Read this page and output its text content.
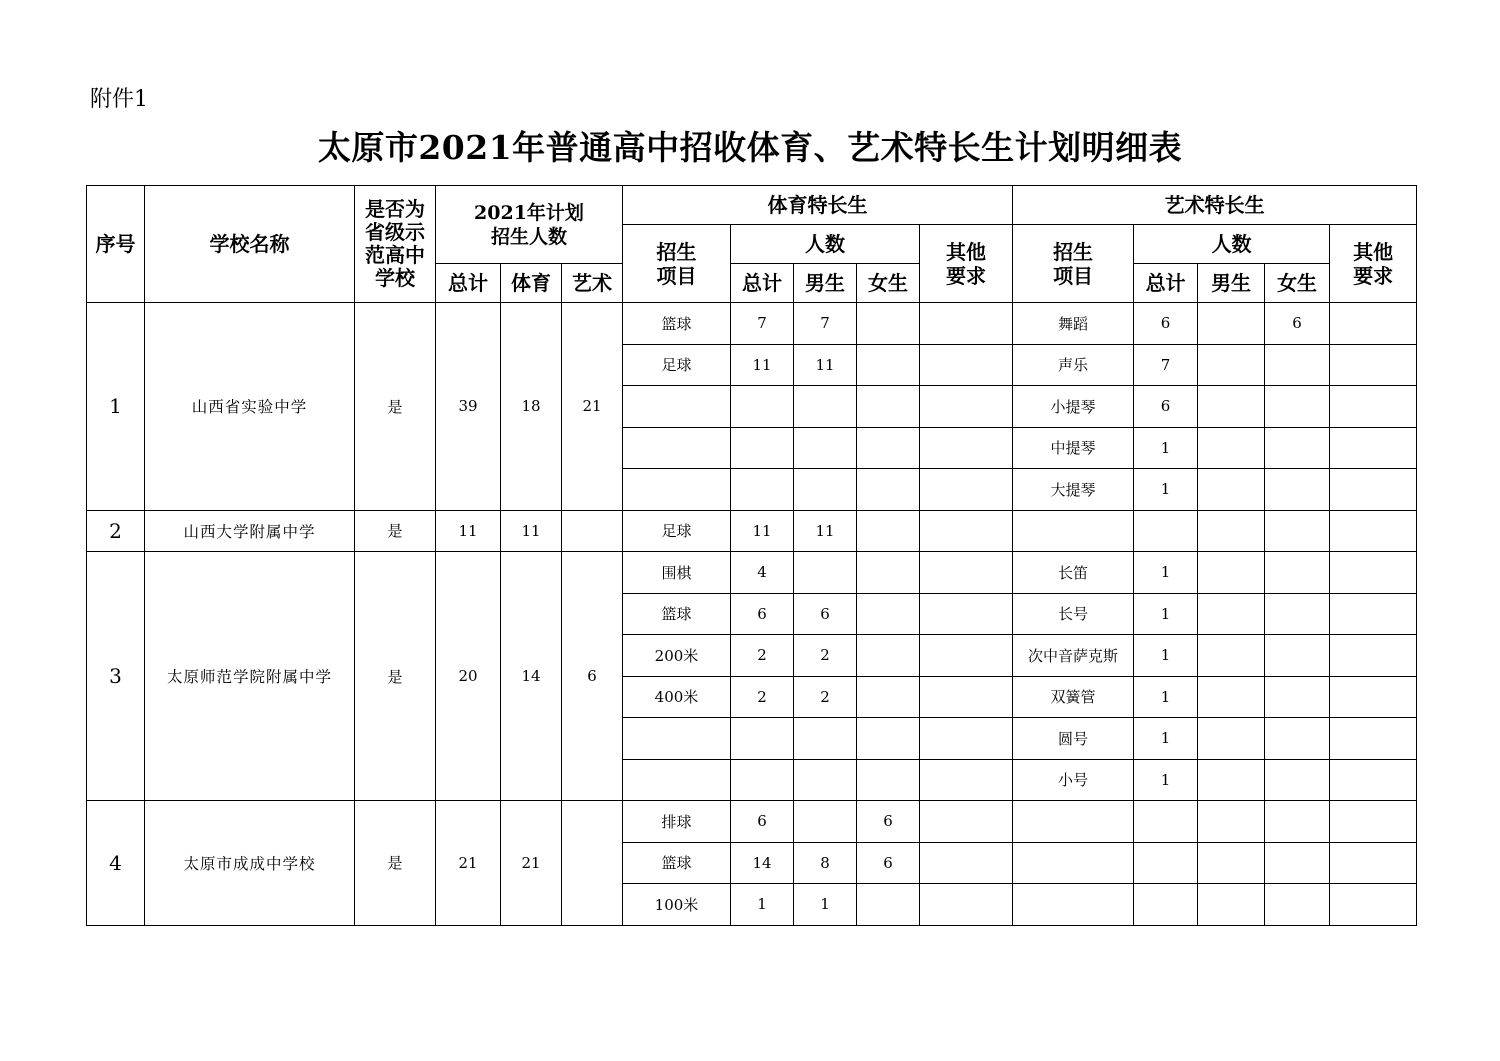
附件1
太原市2021年普通高中招收体育、艺术特长生计划明细表
序号	学校名称	是否为省级示范高中学校	2021年计划招生人数			体育特长生					艺术特长生				

						招生项目	人数			其他要求	招生项目	人数			其他要求

			总计	体育	艺术		总计	男生	女生			总计	男生	女生	
1	山西省实验中学	是	39	18	21	篮球	7	7			舞蹈	6		6	
						足球	11	11			声乐	7			
											小提琴	6			
											中提琴	1			
											大提琴	1			
2	山西大学附属中学	是	11	11		足球	11	11							
3	太原师范学院附属中学	是	20	14	6	围棋	4				长笛	1			
						篮球	6	6			长号	1			
						200米	2	2			次中音萨克斯	1			
						400米	2	2			双簧管	1			
											圆号	1			
											小号	1			
4	太原市成成中学校	是	21	21		排球	6		6						
						篮球	14	8	6						
						100米	1	1							
